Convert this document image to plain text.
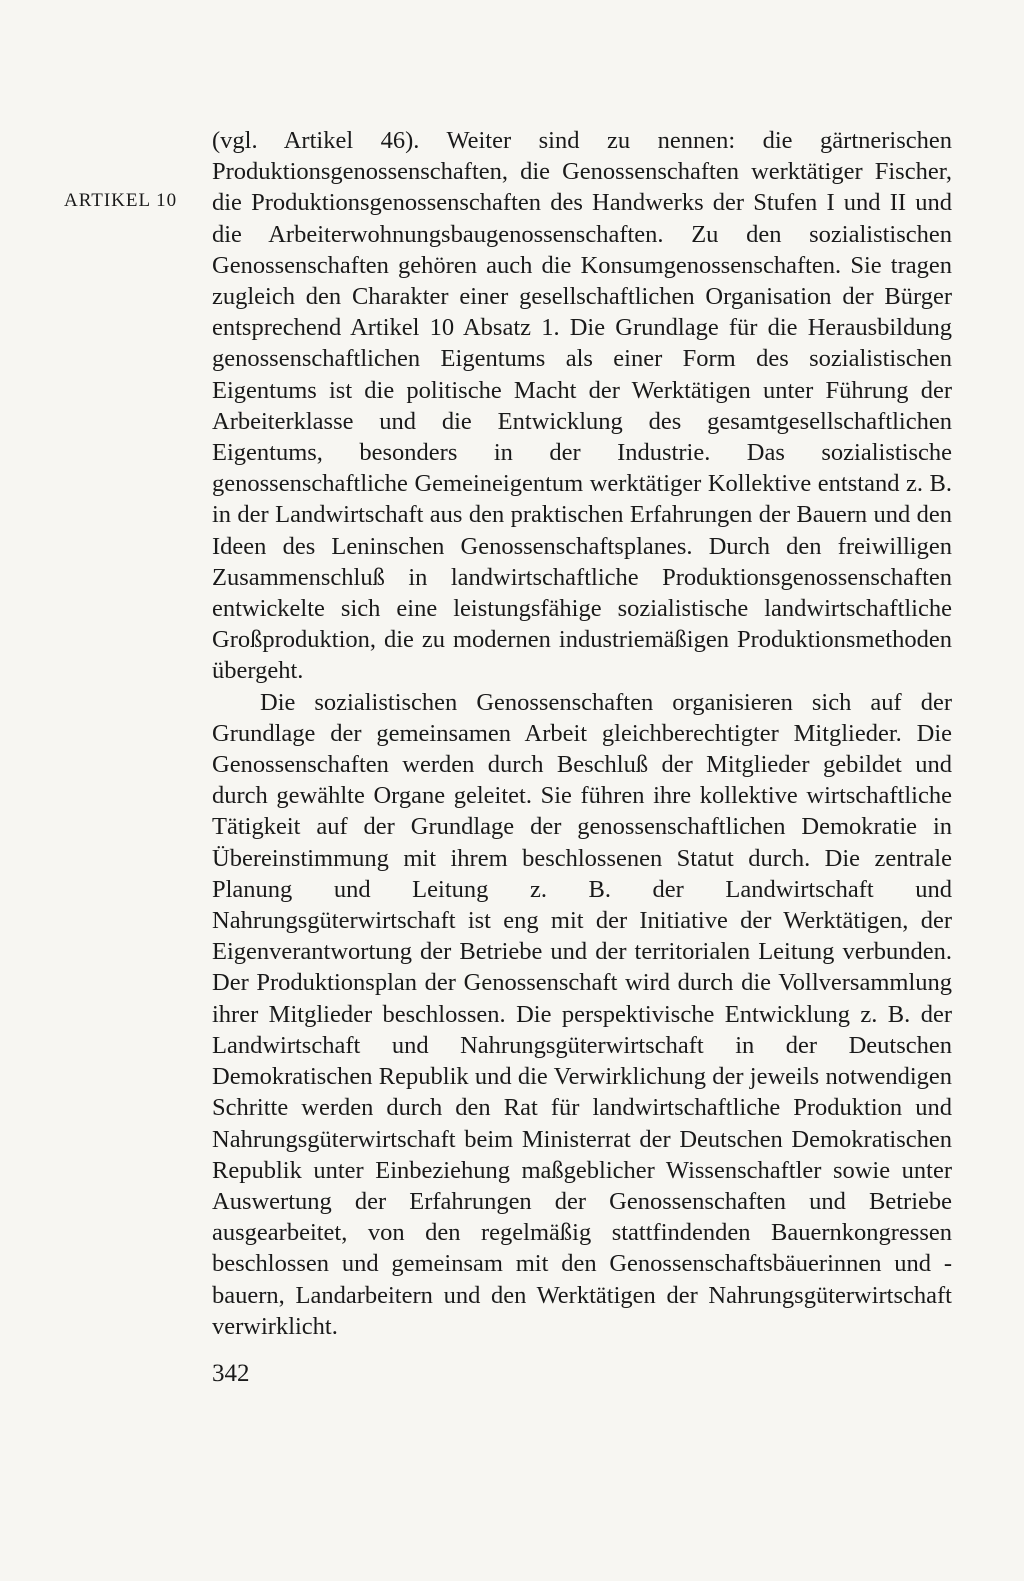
ARTIKEL 10

(vgl. Artikel 46). Weiter sind zu nennen: die gärtnerischen Produktionsgenossenschaften, die Genossenschaften werktätiger Fischer, die Produktionsgenossenschaften des Handwerks der Stufen I und II und die Arbeiterwohnungsbaugenossenschaften. Zu den sozialistischen Genossenschaften gehören auch die Konsumgenossenschaften. Sie tragen zugleich den Charakter einer gesellschaftlichen Organisation der Bürger entsprechend Artikel 10 Absatz 1. Die Grundlage für die Herausbildung genossenschaftlichen Eigentums als einer Form des sozialistischen Eigentums ist die politische Macht der Werktätigen unter Führung der Arbeiterklasse und die Entwicklung des gesamtgesellschaftlichen Eigentums, besonders in der Industrie. Das sozialistische genossenschaftliche Gemeineigentum werktätiger Kollektive entstand z. B. in der Landwirtschaft aus den praktischen Erfahrungen der Bauern und den Ideen des Leninschen Genossenschaftsplanes. Durch den freiwilligen Zusammenschluß in landwirtschaftliche Produktionsgenossenschaften entwickelte sich eine leistungsfähige sozialistische landwirtschaftliche Großproduktion, die zu modernen industriemäßigen Produktionsmethoden übergeht.

Die sozialistischen Genossenschaften organisieren sich auf der Grundlage der gemeinsamen Arbeit gleichberechtigter Mitglieder. Die Genossenschaften werden durch Beschluß der Mitglieder gebildet und durch gewählte Organe geleitet. Sie führen ihre kollektive wirtschaftliche Tätigkeit auf der Grundlage der genossenschaftlichen Demokratie in Übereinstimmung mit ihrem beschlossenen Statut durch. Die zentrale Planung und Leitung z. B. der Landwirtschaft und Nahrungsgüterwirtschaft ist eng mit der Initiative der Werktätigen, der Eigenverantwortung der Betriebe und der territorialen Leitung verbunden. Der Produktionsplan der Genossenschaft wird durch die Vollversammlung ihrer Mitglieder beschlossen. Die perspektivische Entwicklung z. B. der Landwirtschaft und Nahrungsgüterwirtschaft in der Deutschen Demokratischen Republik und die Verwirklichung der jeweils notwendigen Schritte werden durch den Rat für landwirtschaftliche Produktion und Nahrungsgüterwirtschaft beim Ministerrat der Deutschen Demokratischen Republik unter Einbeziehung maßgeblicher Wissenschaftler sowie unter Auswertung der Erfahrungen der Genossenschaften und Betriebe ausgearbeitet, von den regelmäßig stattfindenden Bauernkongressen beschlossen und gemeinsam mit den Genossenschaftsbäuerinnen und -bauern, Landarbeitern und den Werktätigen der Nahrungsgüterwirtschaft verwirklicht.

342
